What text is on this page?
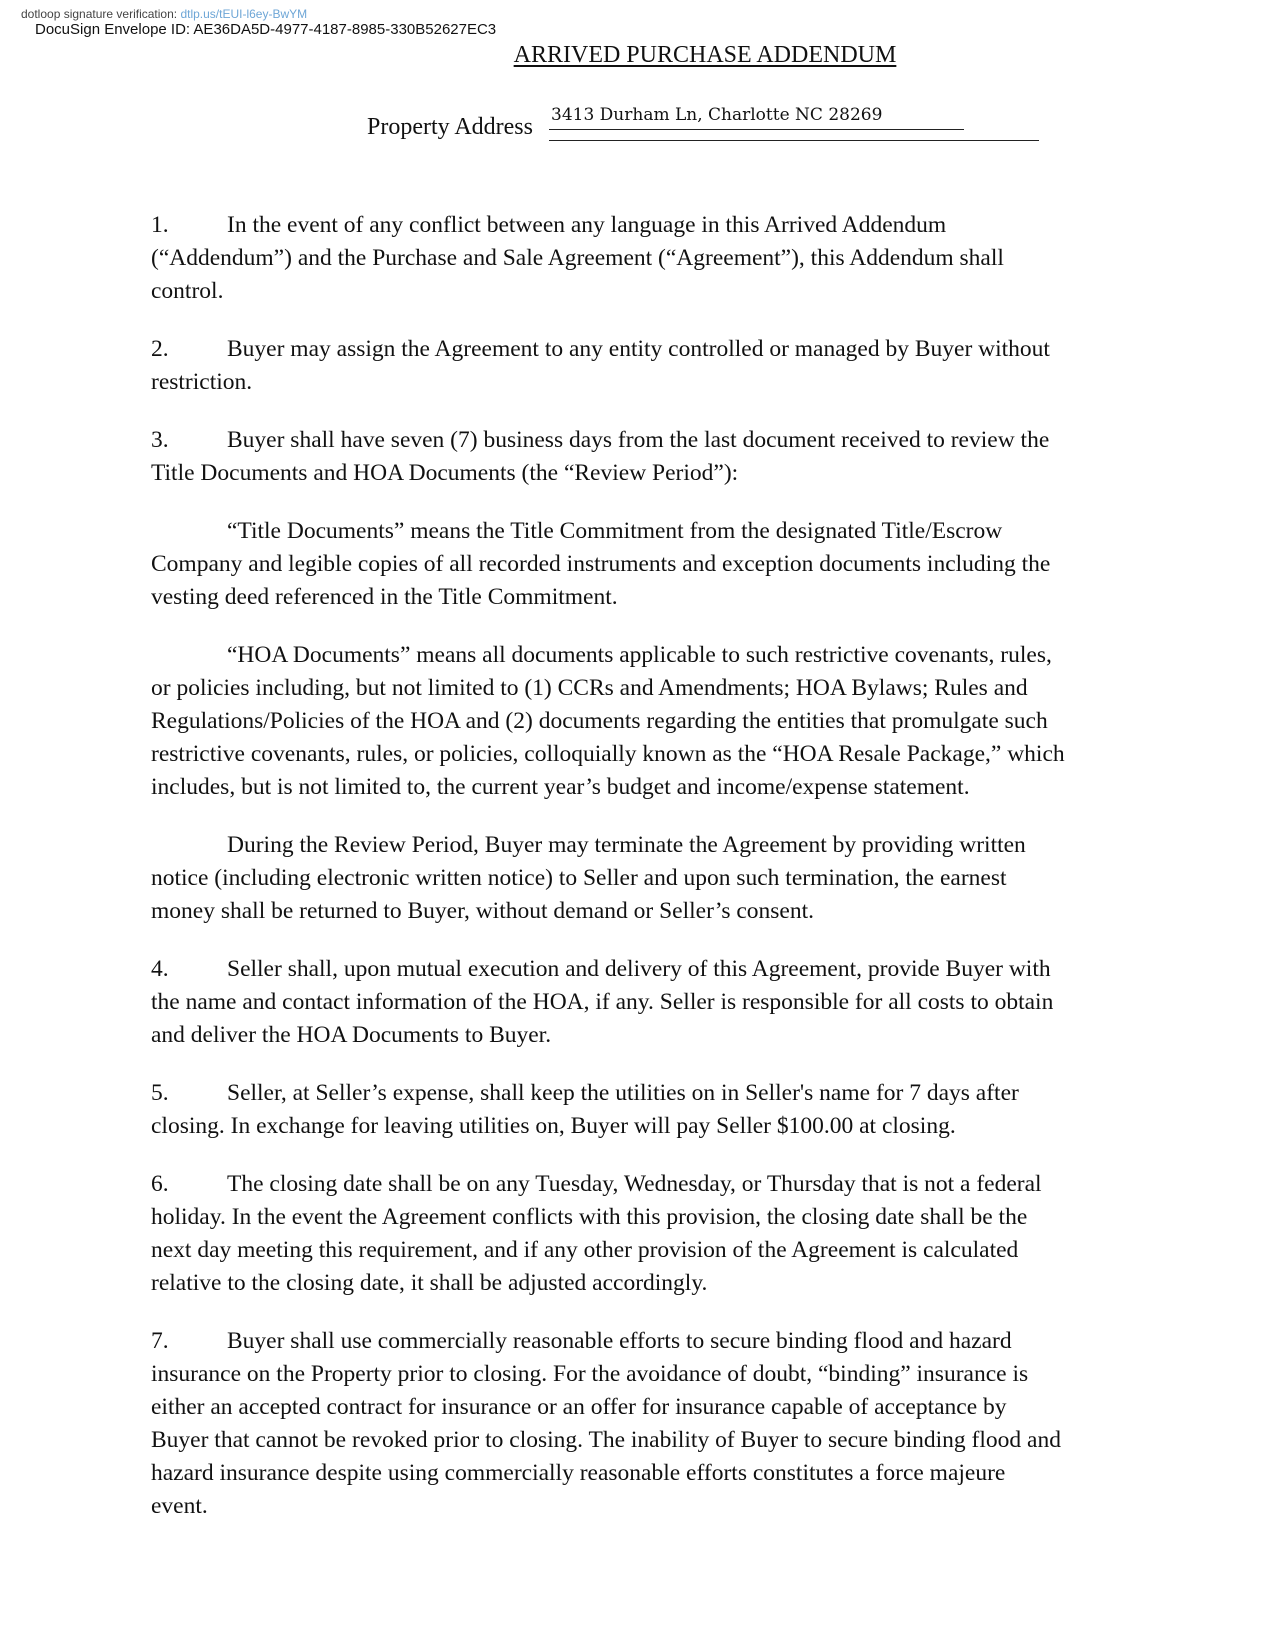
dotloop signature verification: dtlp.us/tEUI-l6ey-BwYM
DocuSign Envelope ID: AE36DA5D-4977-4187-8985-330B52627EC3
ARRIVED PURCHASE ADDENDUM
Property Address 3413 Durham Ln, Charlotte NC 28269
1. In the event of any conflict between any language in this Arrived Addendum
(“Addendum”) and the Purchase and Sale Agreement (“Agreement”), this Addendum shall
control.
2. Buyer may assign the Agreement to any entity controlled or managed by Buyer without
restriction.
3. Buyer shall have seven (7) business days from the last document received to review the
Title Documents and HOA Documents (the “Review Period”):
“Title Documents” means the Title Commitment from the designated Title/Escrow
Company and legible copies of all recorded instruments and exception documents including the
vesting deed referenced in the Title Commitment.
“HOA Documents” means all documents applicable to such restrictive covenants, rules,
or policies including, but not limited to (1) CCRs and Amendments; HOA Bylaws; Rules and
Regulations/Policies of the HOA and (2) documents regarding the entities that promulgate such
restrictive covenants, rules, or policies, colloquially known as the “HOA Resale Package,” which
includes, but is not limited to, the current year’s budget and income/expense statement.
During the Review Period, Buyer may terminate the Agreement by providing written
notice (including electronic written notice) to Seller and upon such termination, the earnest
money shall be returned to Buyer, without demand or Seller’s consent.
4. Seller shall, upon mutual execution and delivery of this Agreement, provide Buyer with
the name and contact information of the HOA, if any. Seller is responsible for all costs to obtain
and deliver the HOA Documents to Buyer.
5. Seller, at Seller’s expense, shall keep the utilities on in Seller's name for 7 days after
closing. In exchange for leaving utilities on, Buyer will pay Seller $100.00 at closing.
6. The closing date shall be on any Tuesday, Wednesday, or Thursday that is not a federal
holiday. In the event the Agreement conflicts with this provision, the closing date shall be the
next day meeting this requirement, and if any other provision of the Agreement is calculated
relative to the closing date, it shall be adjusted accordingly.
7. Buyer shall use commercially reasonable efforts to secure binding flood and hazard
insurance on the Property prior to closing. For the avoidance of doubt, “binding” insurance is
either an accepted contract for insurance or an offer for insurance capable of acceptance by
Buyer that cannot be revoked prior to closing. The inability of Buyer to secure binding flood and
hazard insurance despite using commercially reasonable efforts constitutes a force majeure
event.
